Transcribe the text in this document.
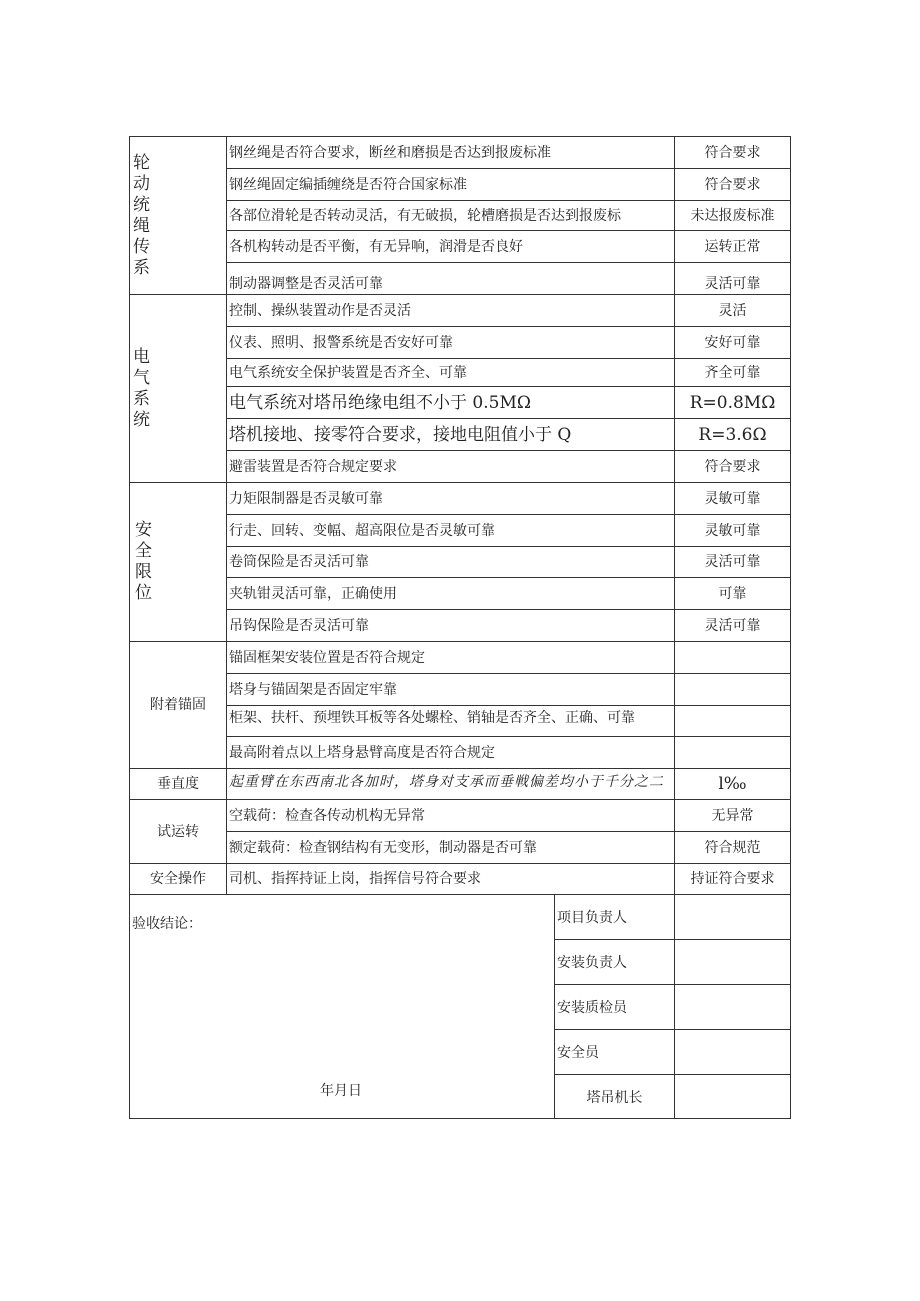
轮动统绳传系	钢丝绳是否符合要求，断丝和磨损是否达到报废标准	符合要求
	钢丝绳固定编插缠绕是否符合国家标准	符合要求
	各部位滑轮是否转动灵活，有无破损，轮槽磨损是否达到报废标	未达报废标准
	各机构转动是否平衡，有无异响，润滑是否良好	运转正常
	制动器调整是否灵活可靠	灵活可靠
电气系统	控制、操纵装置动作是否灵活	灵活
	仪表、照明、报警系统是否安好可靠	安好可靠
	电气系统安全保护装置是否齐全、可靠	齐全可靠
	电气系统对塔吊绝缘电组不小于 0.5MΩ	R=0.8MΩ
	塔机接地、接零符合要求，接地电阻值小于 Q	R=3.6Ω
	避雷装置是否符合规定要求	符合要求
安全限位	力矩限制器是否灵敏可靠	灵敏可靠
	行走、回转、变幅、超高限位是否灵敏可靠	灵敏可靠
	卷筒保险是否灵活可靠	灵活可靠
	夹轨钳灵活可靠，正确使用	可靠
	吊钩保险是否灵活可靠	灵活可靠
附着锚固	锚固框架安装位置是否符合规定	
	塔身与锚固架是否固定牢靠	

	柜架、扶杆、预埋铁耳板等各处螺栓、销轴是否齐全、正确、可靠	

	最高附着点以上塔身悬臂高度是否符合规定	
垂直度	起重臂在东西南北各加时，塔身对支承而垂戦偏差均小于千分之二	l‰
试运转	空载荷：检查各传动机构无异常	无异常
	额定载荷：检查钢结构有无变形，制动器是否可靠	符合规范
安全操作	司机、指挥持证上岗，指挥信号符合要求	持证符合要求
验收结论：
年月日	项目负责人	
	安装负责人	
	安装质检员	
	安全员	
	塔吊机长	
